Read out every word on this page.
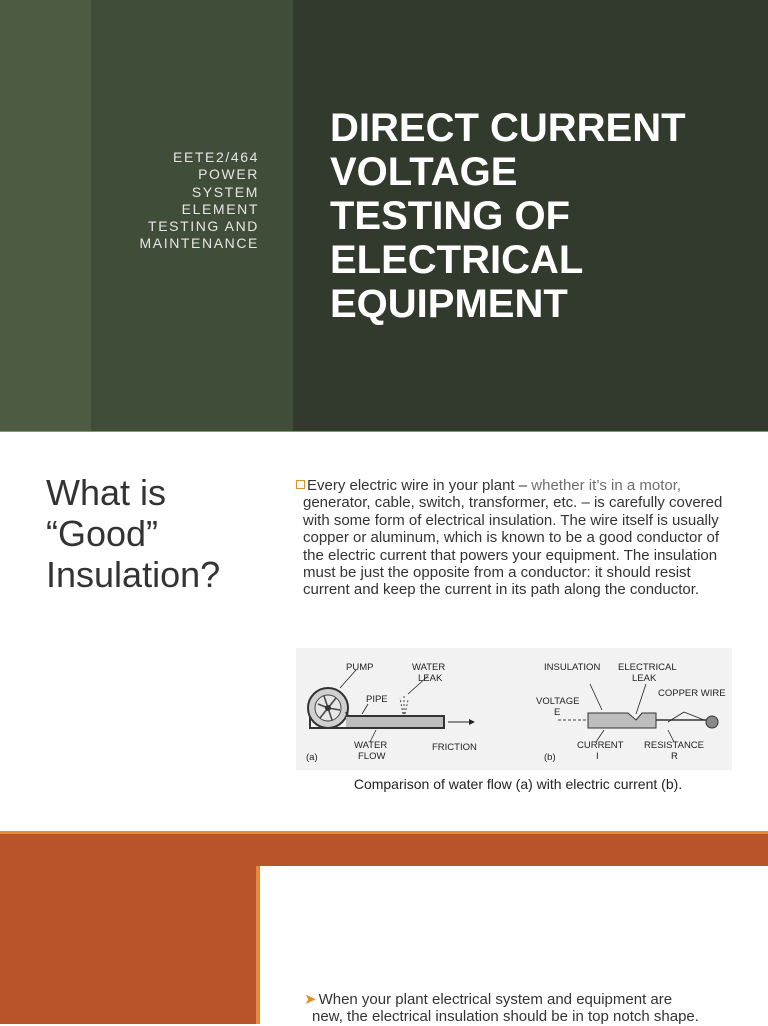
EETE2/464
POWER
SYSTEM
ELEMENT
TESTING AND
MAINTENANCE
DIRECT CURRENT
VOLTAGE
TESTING OF
ELECTRICAL
EQUIPMENT
What is
“Good”
Insulation?
Every electric wire in your plant – whether it’s in a motor, generator, cable, switch, transformer, etc. – is carefully covered with some form of electrical insulation. The wire itself is usually copper or aluminum, which is known to be a good conductor of the electric current that powers your equipment. The insulation must be just the opposite from a conductor: it should resist current and keep the current in its path along the conductor.
PUMP	WATER
LEAK
PIPE
WATER
FLOW
FRICTION
(a)
INSULATION ELECTRICAL
LEAK
COPPER WIRE
VOLTAGE
E
CURRENT
I
RESISTANCE
R
(b)
Comparison of water flow (a) with electric current (b).
➤ When your plant electrical system and equipment are new, the electrical insulation should be in top notch shape.
